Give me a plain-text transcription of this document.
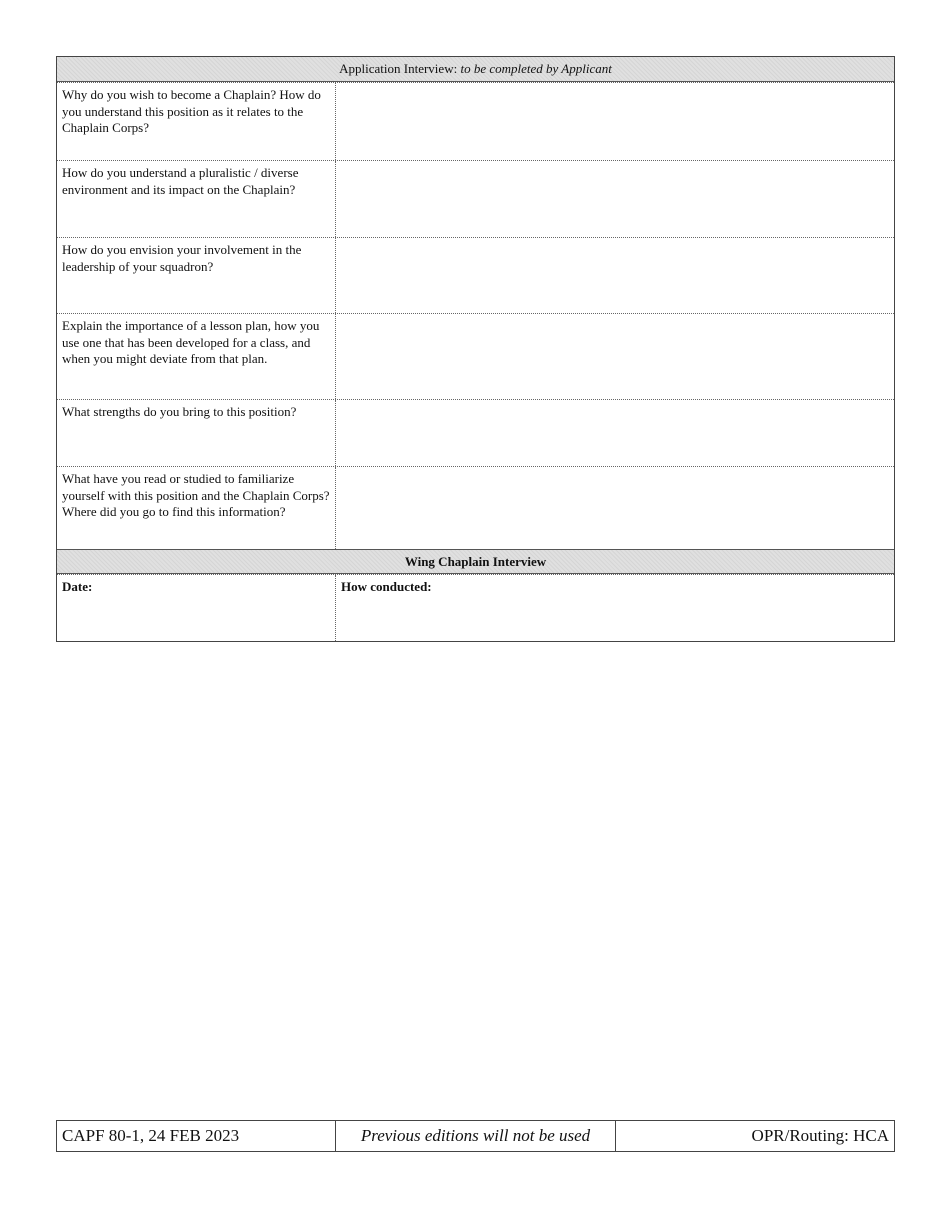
Application Interview:
to be completed by Applicant
Why do you wish to become a Chaplain? How do you understand this position as it relates to the Chaplain Corps?
How do you understand a pluralistic / diverse environment and its impact on the Chaplain?
How do you envision your involvement in the leadership of your squadron?
Explain the importance of a lesson plan, how you use one that has been developed for a class, and when you might deviate from that plan.
What strengths do you bring to this position?
What have you read or studied to familiarize yourself with this position and the Chaplain Corps? Where did you go to find this information?
Wing Chaplain Interview
Date:	How conducted:
CAPF 80-1, 24 FEB 2023	Previous editions will not be used	OPR/Routing: HCA
